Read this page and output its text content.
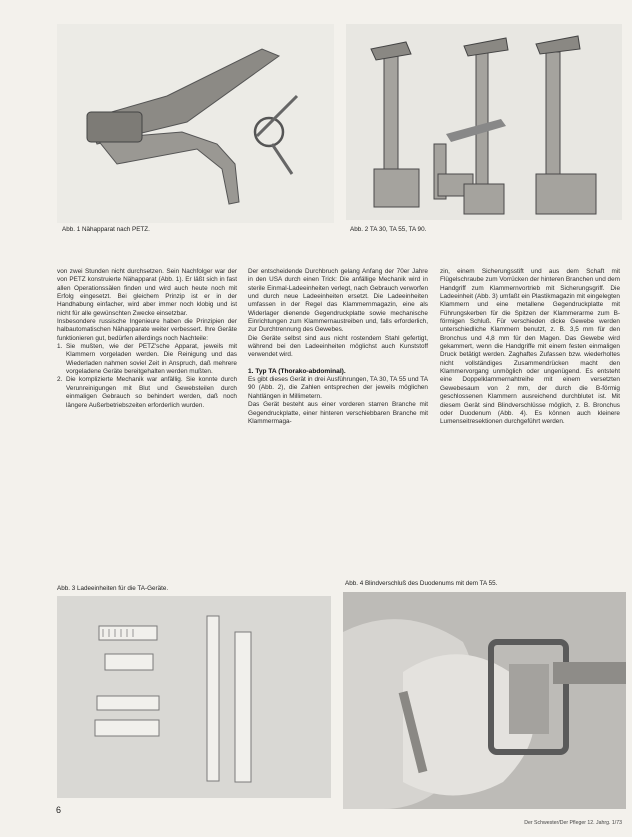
Abb. 1 Nähapparat nach PETZ.	Abb. 2 TA 30, TA 55, TA 90.

von zwei Stunden nicht durchsetzen. Sein Nachfolger war der von PETZ konstruierte Nähapparat (Abb. 1). Er läßt sich in fast allen Operationssälen finden und wird auch heute noch mit Erfolg eingesetzt. Bei gleichem Prinzip ist er in der Handhabung einfacher, wird aber immer noch klobig und ist nicht für alle gewünschten Zwecke einsetzbar.

Insbesondere russische Ingenieure haben die Prinzipien der halbautomatischen Nähapparate weiter verbessert. Ihre Geräte funktionieren gut, bedürfen allerdings noch Nachteile:

1. Sie mußten, wie der PETZ'sche Apparat, jeweils mit Klammern vorgeladen werden. Die Reinigung und das Wiederladen nahmen soviel Zeit in Anspruch, daß mehrere vorgeladene Geräte bereitgehalten werden mußten.
2. Die komplizierte Mechanik war anfällig. Sie konnte durch Verunreinigungen mit Blut und Gewebsteilen durch einmaligen Gebrauch so behindert werden, daß noch längere Außerbetriebszeiten erforderlich wurden.

Der entscheidende Durchbruch gelang Anfang der 70er Jahre in den USA durch einen Trick: Die anfällige Mechanik wird in sterile Einmal-Ladeeinheiten verlegt, nach Gebrauch verworfen und durch neue Ladeeinheiten ersetzt. Die Ladeeinheiten umfassen in der Regel das Klammernmagazin, eine als Widerlager dienende Gegendruckplatte sowie mechanische Einrichtungen zum Klammernaustreiben und, falls erforderlich, zur Durchtrennung des Gewebes.

Die Geräte selbst sind aus nicht rostendem Stahl gefertigt, während bei den Ladeeinheiten möglichst auch Kunststoff verwendet wird.

1. Typ TA (Thorako-abdominal).

Es gibt dieses Gerät in drei Ausführungen, TA 30, TA 55 und TA 90 (Abb. 2), die Zahlen entsprechen der jeweils möglichen Nahtlängen in Millimetern.

Das Gerät besteht aus einer vorderen starren Branche mit Gegendruckplatte, einer hinteren verschiebbaren Branche mit Klammermaga-

zin, einem Sicherungsstift und aus dem Schaft mit Flügelschraube zum Vorrücken der hinteren Branchen und dem Handgriff zum Klammernvortrieb mit Sicherungsgriff. Die Ladeeinheit (Abb. 3) umfaßt ein Plastikmagazin mit eingelegten Klammern und eine metallene Gegendruckplatte mit Führungskerben für die Spitzen der Klammerarme zum B-förmigen Schluß. Für verschieden dicke Gewebe werden unterschiedliche Klammern benutzt, z. B. 3,5 mm für den Bronchus und 4,8 mm für den Magen. Das Gewebe wird gekammert, wenn die Handgriffe mit einem festen einmaligen Druck betätigt werden. Zaghaftes Zufassen bzw. wiederholtes nicht vollständiges Zusammendrücken macht den Klammervorgang unmöglich oder ungenügend. Es entsteht eine Doppelklammernahtreihe mit einem versetzten Gewebesaum von 2 mm, der durch die B-förmig geschlossenen Klammern ausreichend durchblutet ist. Mit diesem Gerät sind Blindverschlüsse möglich, z. B. Bronchus oder Duodenum (Abb. 4). Es können auch kleinere Lumenseitresektionen durchgeführt werden.

Abb. 3 Ladeeinheiten für die TA-Geräte.
Abb. 4 Blindverschluß des Duodenums mit dem TA 55.
6
Der Schwester/Der Pfleger 12. Jahrg. 1/73
